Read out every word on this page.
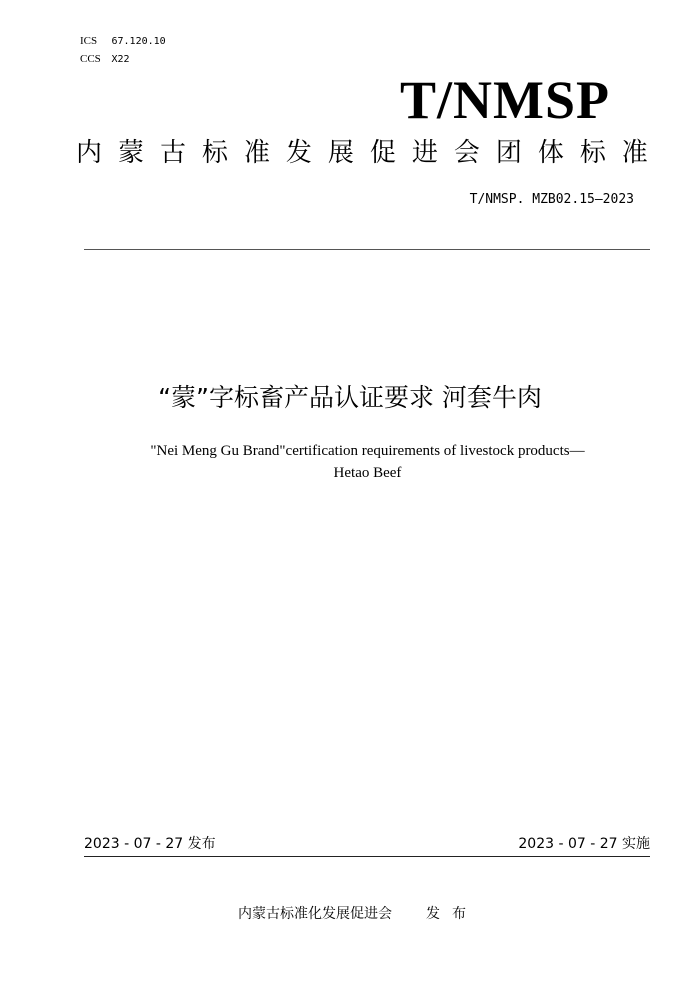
ICS 67.120.10
CCS X22
T/NMSP
内 蒙 古 标 准 发 展 促 进 会 团 体 标 准
T/NMSP. MZB02.15—2023
“蒙”字标畜产品认证要求 河套牛肉
"Nei Meng Gu Brand"certification requirements of livestock products—
Hetao Beef
2023 - 07 - 27 发布	2023 - 07 - 27 实施
内蒙古标准化发展促进会 发布
